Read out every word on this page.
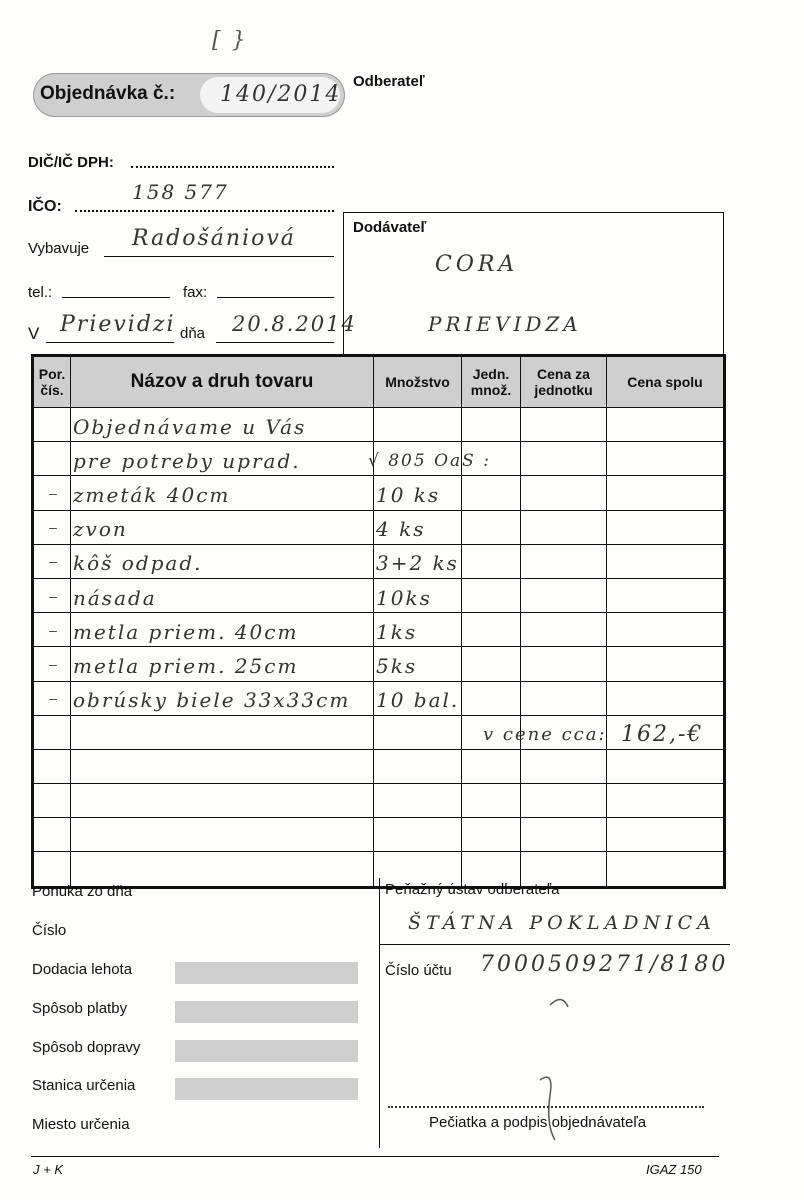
[ }
Objednávka č.: 140/2014
Odberateľ
DIČ/IČ DPH:
IČO:
158 577
Vybavuje Radošániová
tel.:	fax:
V Prievidzi dňa 20.8.2014
Dodávateľ
CORA
PRIEVIDZA
Por. čís.	Názov a druh tovaru	Množstvo	Jedn. množ.	Cena za jednotku	Cena spolu
	Objednávame u Vás				
	pre potreby uprad.	√ 805 OaS :			
–	zmeták 40cm	10 ks			
–	zvon	4 ks			
–	kôš odpad.	3+2 ks			
–	násada	10ks			
–	metla priem. 40cm	1ks			
–	metla priem. 25cm	5ks			
–	obrúsky biele 33x33cm	10 bal.			
				v cene cca:	162,-€

Ponuka zo dňa
Číslo
Dodacia lehota
Spôsob platby
Spôsob dopravy
Stanica určenia
Miesto určenia
Peňažný ústav odberateľa
ŠTÁTNA POKLADNICA
Číslo účtu 7000509271/8180
Pečiatka a podpis objednávateľa
J + K	IGAZ 150
